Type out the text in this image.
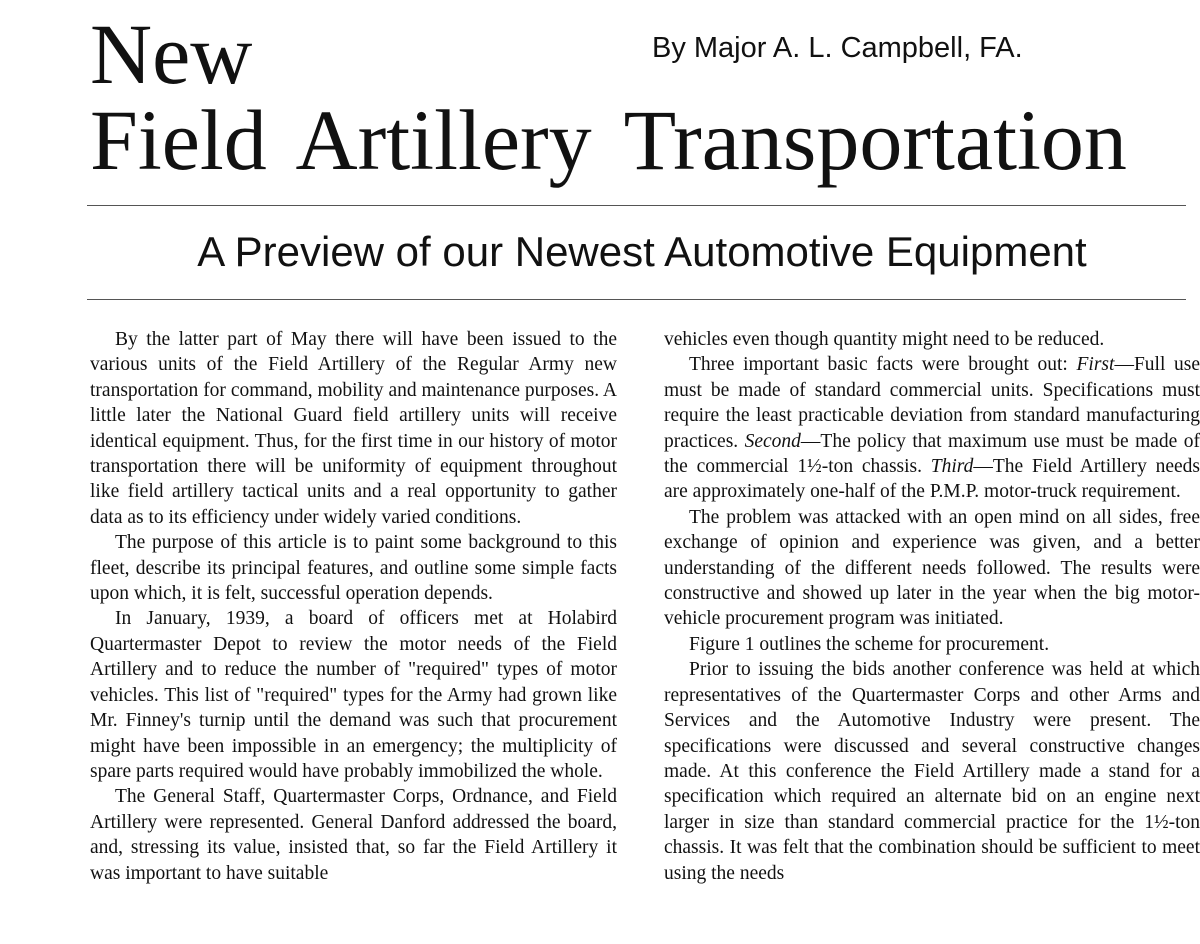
New	By Major A. L. Campbell, FA.
Field Artillery Transportation
A Preview of our Newest Automotive Equipment

By the latter part of May there will have been issued to the various units of the Field Artillery of the Regular Army new transportation for command, mobility and maintenance purposes. A little later the National Guard field artillery units will receive identical equipment. Thus, for the first time in our history of motor transportation there will be uniformity of equipment throughout like field artillery tactical units and a real opportunity to gather data as to its efficiency under widely varied conditions.

The purpose of this article is to paint some background to this fleet, describe its principal features, and outline some simple facts upon which, it is felt, successful operation depends.

In January, 1939, a board of officers met at Holabird Quartermaster Depot to review the motor needs of the Field Artillery and to reduce the number of "required" types of motor vehicles. This list of "required" types for the Army had grown like Mr. Finney's turnip until the demand was such that procurement might have been impossible in an emergency; the multiplicity of spare parts required would have probably immobilized the whole.

The General Staff, Quartermaster Corps, Ordnance, and Field Artillery were represented. General Danford addressed the board, and, stressing its value, insisted that, so far the Field Artillery it was important to have suitable

vehicles even though quantity might need to be reduced.

Three important basic facts were brought out: First—Full use must be made of standard commercial units. Specifications must require the least practicable deviation from standard manufacturing practices. Second—The policy that maximum use must be made of the commercial 1½-ton chassis. Third—The Field Artillery needs are approximately one-half of the P.M.P. motor-truck requirement.

The problem was attacked with an open mind on all sides, free exchange of opinion and experience was given, and a better understanding of the different needs followed. The results were constructive and showed up later in the year when the big motor-vehicle procurement program was initiated.

Figure 1 outlines the scheme for procurement.

Prior to issuing the bids another conference was held at which representatives of the Quartermaster Corps and other Arms and Services and the Automotive Industry were present. The specifications were discussed and several constructive changes made. At this conference the Field Artillery made a stand for a specification which required an alternate bid on an engine next larger in size than standard commercial practice for the 1½-ton chassis. It was felt that the combination should be sufficient to meet using the needs
